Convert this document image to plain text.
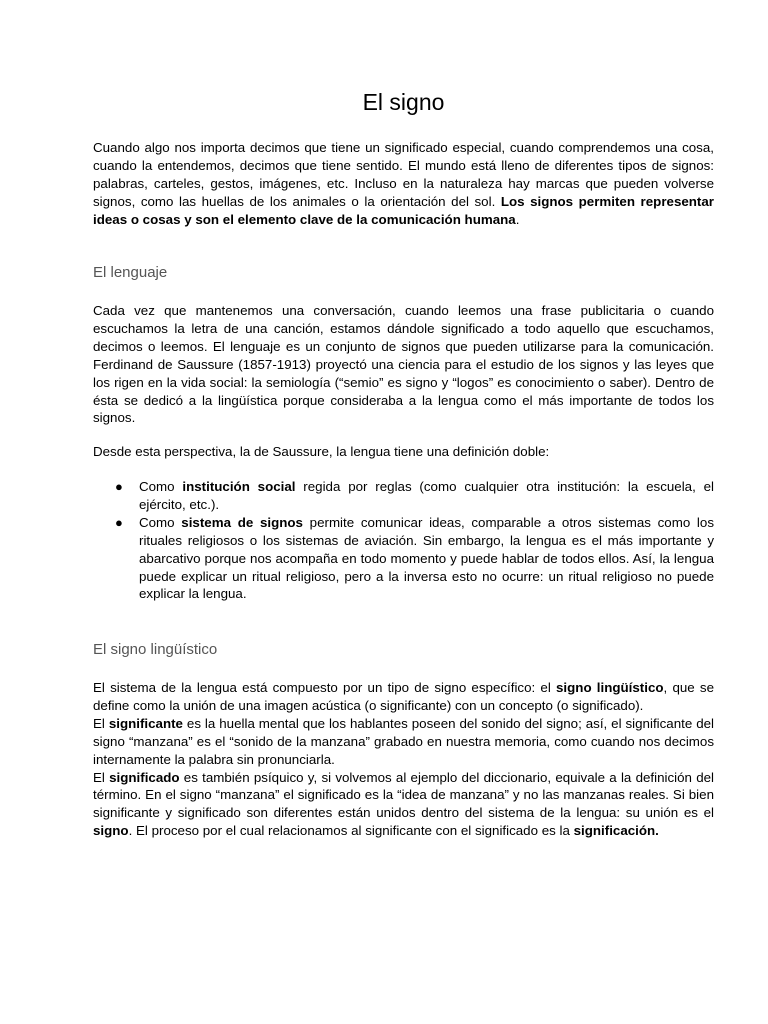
El signo

Cuando algo nos importa decimos que tiene un significado especial, cuando comprendemos una cosa, cuando la entendemos, decimos que tiene sentido. El mundo está lleno de diferentes tipos de signos: palabras, carteles, gestos, imágenes, etc. Incluso en la naturaleza hay marcas que pueden volverse signos, como las huellas de los animales o la orientación del sol. Los signos permiten representar ideas o cosas y son el elemento clave de la comunicación humana.

El lenguaje

Cada vez que mantenemos una conversación, cuando leemos una frase publicitaria o cuando escuchamos la letra de una canción, estamos dándole significado a todo aquello que escuchamos, decimos o leemos. El lenguaje es un conjunto de signos que pueden utilizarse para la comunicación. Ferdinand de Saussure (1857-1913) proyectó una ciencia para el estudio de los signos y las leyes que los rigen en la vida social: la semiología (“semio” es signo y “logos” es conocimiento o saber). Dentro de ésta se dedicó a la lingüística porque consideraba a la lengua como el más importante de todos los signos.

Desde esta perspectiva, la de Saussure, la lengua tiene una definición doble:

● Como institución social regida por reglas (como cualquier otra institución: la escuela, el ejército, etc.).
● Como sistema de signos permite comunicar ideas, comparable a otros sistemas como los rituales religiosos o los sistemas de aviación. Sin embargo, la lengua es el más importante y abarcativo porque nos acompaña en todo momento y puede hablar de todos ellos. Así, la lengua puede explicar un ritual religioso, pero a la inversa esto no ocurre: un ritual religioso no puede explicar la lengua.
El signo lingüístico

El sistema de la lengua está compuesto por un tipo de signo específico: el signo lingüístico, que se define como la unión de una imagen acústica (o significante) con un concepto (o significado).

El significante es la huella mental que los hablantes poseen del sonido del signo; así, el significante del signo “manzana” es el “sonido de la manzana” grabado en nuestra memoria, como cuando nos decimos internamente la palabra sin pronunciarla.

El significado es también psíquico y, si volvemos al ejemplo del diccionario, equivale a la definición del término. En el signo “manzana” el significado es la “idea de manzana” y no las manzanas reales. Si bien significante y significado son diferentes están unidos dentro del sistema de la lengua: su unión es el signo. El proceso por el cual relacionamos al significante con el significado es la significación.
